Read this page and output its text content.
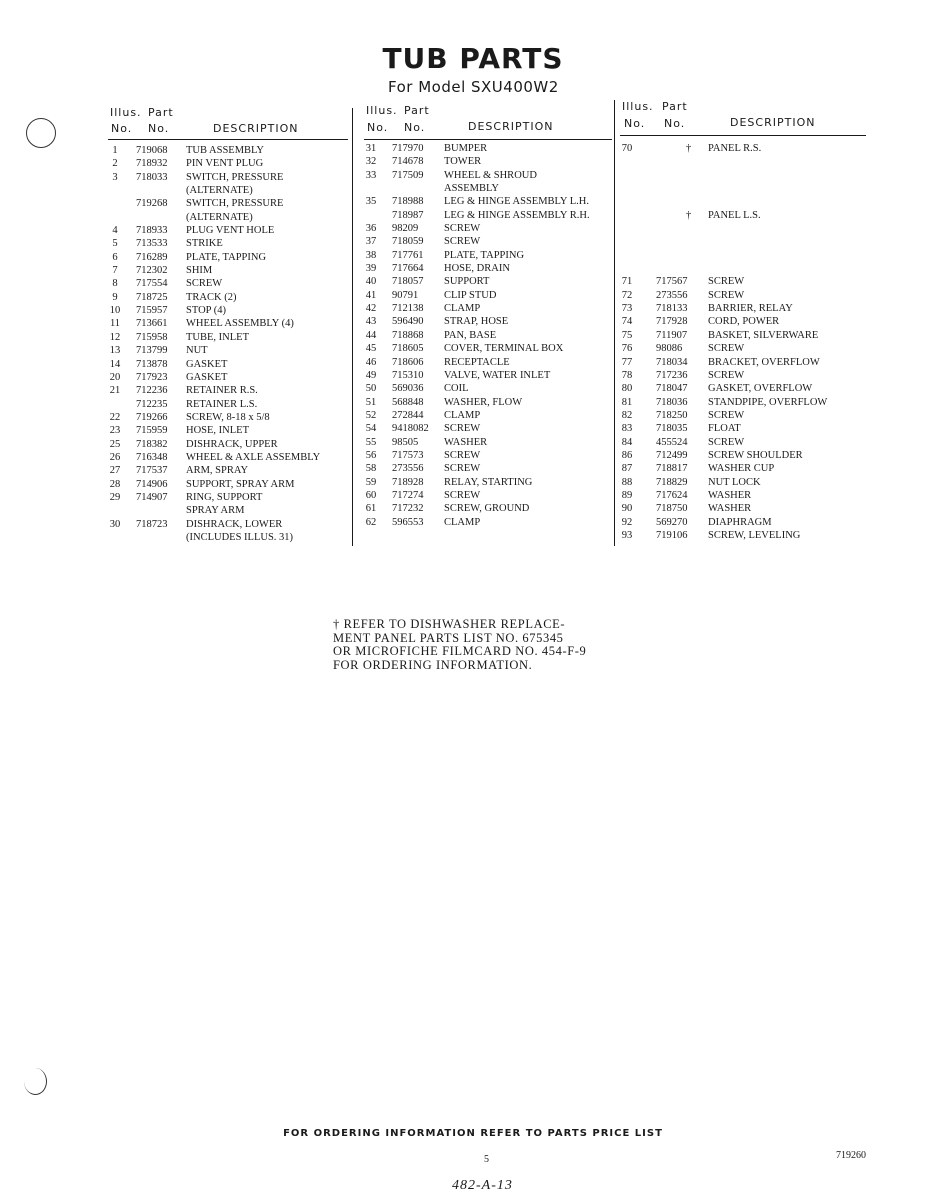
TUB PARTS
For Model SXU400W2
Illus. Part
No. No.	DESCRIPTION
1	719068 TUB ASSEMBLY
2	718932 PIN VENT PLUG
3	718033 SWITCH, PRESSURE
(ALTERNATE)
719268 SWITCH, PRESSURE
(ALTERNATE)
4	718933 PLUG VENT HOLE
5	713533 STRIKE
6	716289 PLATE, TAPPING
7	712302 SHIM
8	717554 SCREW
9	718725 TRACK (2)
10	715957 STOP (4)
11	713661 WHEEL ASSEMBLY (4)
12	715958 TUBE, INLET
13	713799 NUT
14	713878 GASKET
20	717923 GASKET
21	712236 RETAINER R.S.
712235 RETAINER L.S.
22	719266 SCREW, 8-18 x 5/8
23	715959 HOSE, INLET
25	718382 DISHRACK, UPPER
26	716348 WHEEL & AXLE ASSEMBLY
27	717537 ARM, SPRAY
28	714906 SUPPORT, SPRAY ARM
29	714907 RING, SUPPORT
SPRAY ARM
30	718723 DISHRACK, LOWER
(INCLUDES ILLUS. 31)
Illus. Part
No. No.	DESCRIPTION
31	717970 BUMPER
32	714678 TOWER
33	717509 WHEEL & SHROUD
ASSEMBLY
35	718988 LEG & HINGE ASSEMBLY L.H.
718987 LEG & HINGE ASSEMBLY R.H.
36	98209 SCREW
37	718059 SCREW
38	717761 PLATE, TAPPING
39	717664 HOSE, DRAIN
40	718057 SUPPORT
41	90791 CLIP STUD
42	712138 CLAMP
43	596490 STRAP, HOSE
44	718868 PAN, BASE
45	718605 COVER, TERMINAL BOX
46	718606 RECEPTACLE
49	715310 VALVE, WATER INLET
50	569036 COIL
51	568848 WASHER, FLOW
52	272844 CLAMP
54	9418082 SCREW
55	98505 WASHER
56	717573 SCREW
58	273556 SCREW
59	718928 RELAY, STARTING
60	717274 SCREW
61	717232 SCREW, GROUND
62	596553 CLAMP
Illus. Part
No. No.	DESCRIPTION
70	† PANEL R.S.
† PANEL L.S.
71	717567 SCREW
72	273556 SCREW
73	718133 BARRIER, RELAY
74	717928 CORD, POWER
75	711907 BASKET, SILVERWARE
76	98086 SCREW
77	718034 BRACKET, OVERFLOW
78	717236 SCREW
80	718047 GASKET, OVERFLOW
81	718036 STANDPIPE, OVERFLOW
82	718250 SCREW
83	718035 FLOAT
84	455524 SCREW
86	712499 SCREW SHOULDER
87	718817 WASHER CUP
88	718829 NUT LOCK
89	717624 WASHER
90	718750 WASHER
92	569270 DIAPHRAGM
93	719106 SCREW, LEVELING
† REFER TO DISHWASHER REPLACE-
MENT PANEL PARTS LIST NO. 675345
OR MICROFICHE FILMCARD NO. 454-F-9
FOR ORDERING INFORMATION.
FOR ORDERING INFORMATION REFER TO PARTS PRICE LIST
5	719260
482-A-13
